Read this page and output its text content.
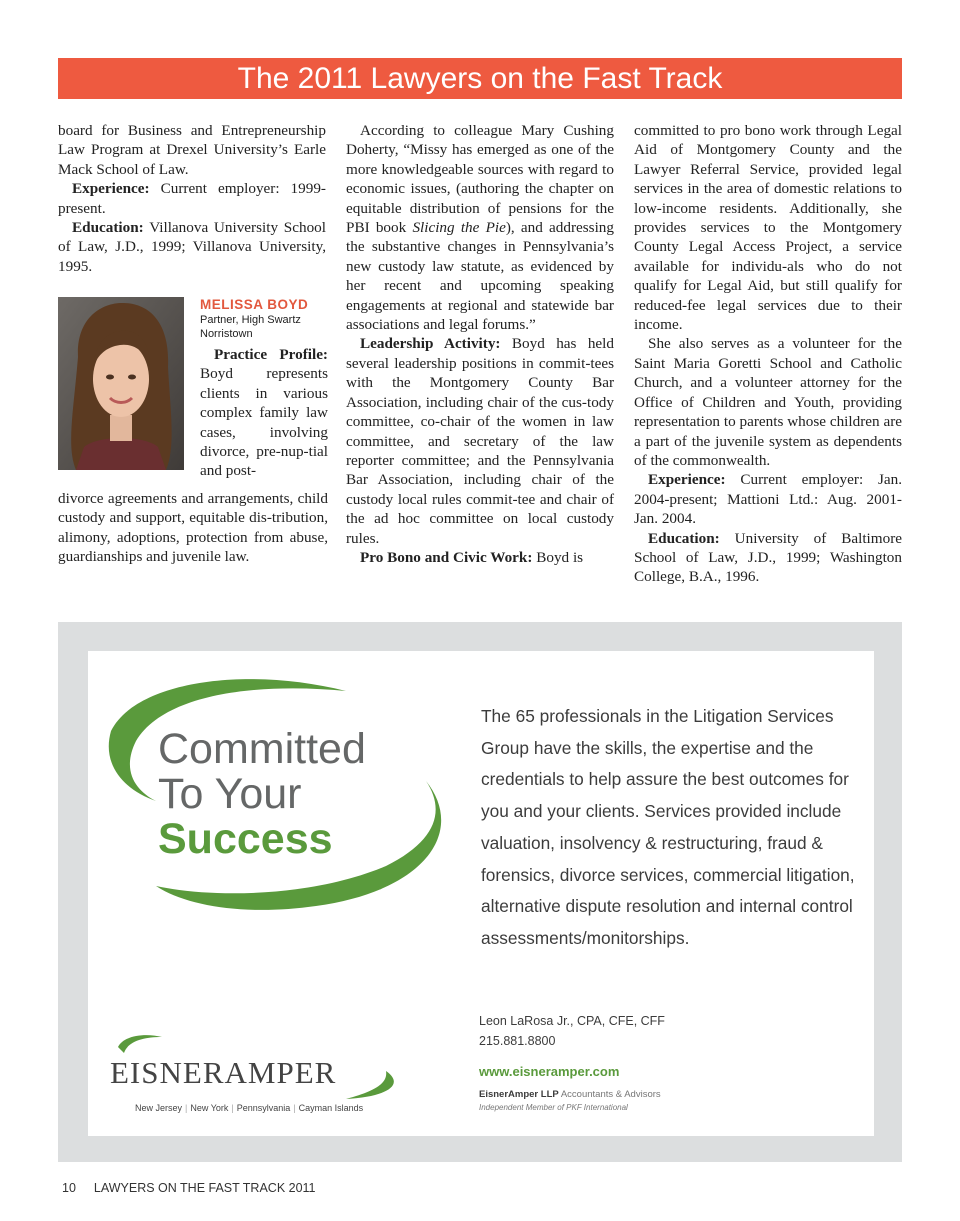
The 2011 Lawyers on the Fast Track

board for Business and Entrepreneurship Law Program at Drexel University’s Earle Mack School of Law.

Experience: Current employer: 1999-present.

Education: Villanova University School of Law, J.D., 1999; Villanova University, 1995.

MELISSA BOYD
Partner, High Swartz
Norristown

Practice Profile: Boyd represents clients in various complex family law cases, involving divorce, pre-nup-tial and post-

divorce agreements and arrangements, child custody and support, equitable dis-tribution, alimony, adoptions, protection from abuse, guardianships and juvenile law.

According to colleague Mary Cushing Doherty, “Missy has emerged as one of the more knowledgeable sources with regard to economic issues, (authoring the chapter on equitable distribution of pensions for the PBI book Slicing the Pie), and addressing the substantive changes in Pennsylvania’s new custody law statute, as evidenced by her recent and upcoming speaking engagements at regional and statewide bar associations and legal forums.”

Leadership Activity: Boyd has held several leadership positions in commit-tees with the Montgomery County Bar Association, including chair of the cus-tody committee, co-chair of the women in law committee, and secretary of the law reporter committee; and the Pennsylvania Bar Association, including chair of the custody local rules commit-tee and chair of the ad hoc committee on local custody rules.

Pro Bono and Civic Work: Boyd is

committed to pro bono work through Legal Aid of Montgomery County and the Lawyer Referral Service, provided legal services in the area of domestic relations to low-income residents. Additionally, she provides services to the Montgomery County Legal Access Project, a service available for individu-als who do not qualify for Legal Aid, but still qualify for reduced-fee legal services due to their income.

She also serves as a volunteer for the Saint Maria Goretti School and Catholic Church, and a volunteer attorney for the Office of Children and Youth, providing representation to parents whose children are a part of the juvenile system as dependents of the commonwealth.

Experience: Current employer: Jan. 2004-present; Mattioni Ltd.: Aug. 2001-Jan. 2004.

Education: University of Baltimore School of Law, J.D., 1999; Washington College, B.A., 1996.

Committed
To Your
Success
The 65 professionals in the Litigation Services Group have the skills, the expertise and the credentials to help assure the best outcomes for you and your clients. Services provided include valuation, insolvency & restructuring, fraud & forensics, divorce services, commercial litigation, alternative dispute resolution and internal control assessments/monitorships.
Leon LaRosa Jr., CPA, CFE, CFF
215.881.8800
www.eisneramper.com
EisnerAmper LLP Accountants & Advisors
Independent Member of PKF International
EISNERAMPER
New Jersey | New York | Pennsylvania | Cayman Islands
10 LAWYERS ON THE FAST TRACK 2011
